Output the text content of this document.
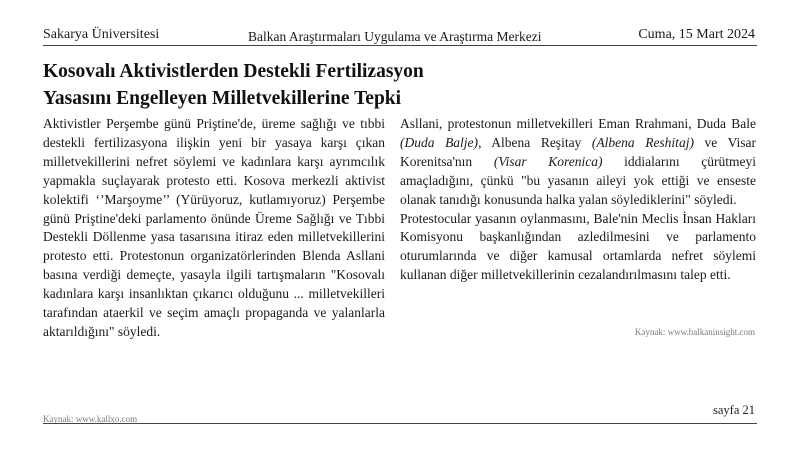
Sakarya Üniversitesi	Balkan Araştırmaları Uygulama ve Araştırma Merkezi	Cuma, 15 Mart 2024
Kosovalı Aktivistlerden Destekli Fertilizasyon
Yasasını Engelleyen Milletvekillerine Tepki

Aktivistler Perşembe günü Priştine'de, üreme sağlığı ve tıbbi destekli fertilizasyona ilişkin yeni bir yasaya karşı çıkan milletvekillerini nefret söylemi ve kadınlara karşı ayrımcılık yapmakla suçlayarak protesto etti. Kosova merkezli aktivist kolektifi ‘’Marşoyme’’ (Yürüyoruz, kutlamıyoruz) Perşembe günü Priştine'deki parlamento önünde Üreme Sağlığı ve Tıbbi Destekli Döllenme yasa tasarısına itiraz eden milletvekillerini protesto etti. Protestonun organizatörlerinden Blenda Asllani basına verdiği demeçte, yasayla ilgili tartışmaların "Kosovalı kadınlara karşı insanlıktan çıkarıcı olduğunu ... milletvekilleri tarafından ataerkil ve seçim amaçlı propaganda ve yalanlarla aktarıldığını" söyledi.

Asllani, protestonun milletvekilleri Eman Rrahmani, Duda Bale (Duda Balje), Albena Reşitay (Albena Reshitaj) ve Visar Korenitsa'nın (Visar Korenica) iddialarını çürütmeyi amaçladığını, çünkü "bu yasanın aileyi yok ettiği ve enseste olanak tanıdığı konusunda halka yalan söylediklerini" söyledi.

Protestocular yasanın oylanmasını, Bale'nin Meclis İnsan Hakları Komisyonu başkanlığından azledilmesini ve parlamento oturumlarında ve diğer kamusal ortamlarda nefret söylemi kullanan diğer milletvekillerinin cezalandırılmasını talep etti.

Kaynak: www.balkaninsight.com
sayfa 21
Kaynak: www.kallxo.com
